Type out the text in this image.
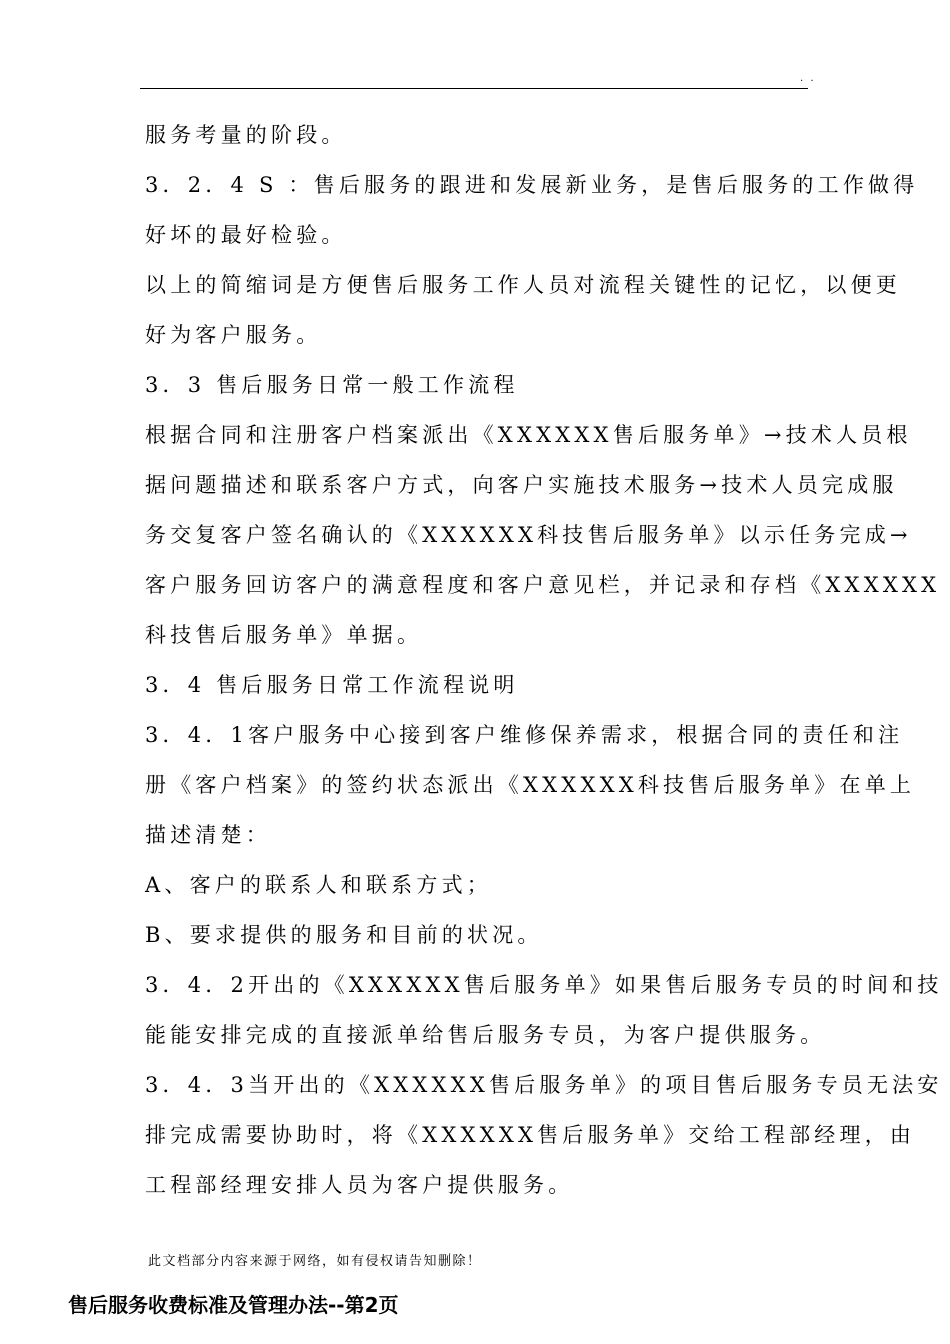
. .
服务考量的阶段。
3．2．4 S ：售后服务的跟进和发展新业务，是售后服务的工作做得
好坏的最好检验。
以上的简缩词是方便售后服务工作人员对流程关键性的记忆，以便更
好为客户服务。
3．3 售后服务日常一般工作流程
根据合同和注册客户档案派出《XXXXXX售后服务单》→技术人员根
据问题描述和联系客户方式，向客户实施技术服务→技术人员完成服
务交复客户签名确认的《XXXXXX科技售后服务单》以示任务完成→
客户服务回访客户的满意程度和客户意见栏，并记录和存档《XXXXXX
科技售后服务单》单据。
3．4 售后服务日常工作流程说明
3．4．1客户服务中心接到客户维修保养需求，根据合同的责任和注
册《客户档案》的签约状态派出《XXXXXX科技售后服务单》在单上
描述清楚：
A、客户的联系人和联系方式；
B、要求提供的服务和目前的状况。
3．4．2开出的《XXXXXX售后服务单》如果售后服务专员的时间和技
能能安排完成的直接派单给售后服务专员，为客户提供服务。
3．4．3当开出的《XXXXXX售后服务单》的项目售后服务专员无法安
排完成需要协助时，将《XXXXXX售后服务单》交给工程部经理，由
工程部经理安排人员为客户提供服务。
此文档部分内容来源于网络，如有侵权请告知删除！
售后服务收费标准及管理办法--第2页
